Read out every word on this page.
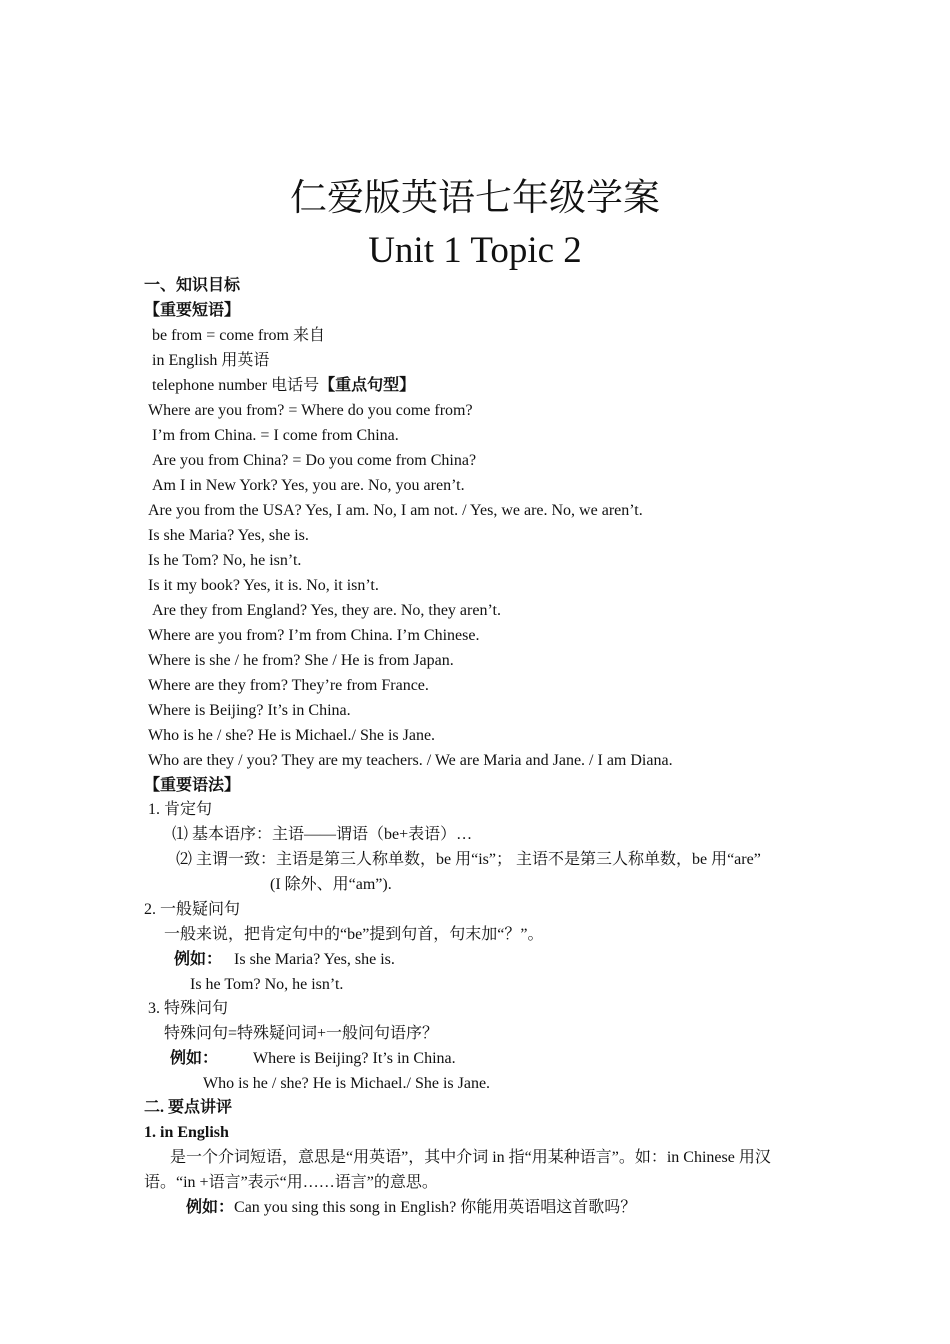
仁爱版英语七年级学案
Unit 1 Topic 2
一、知识目标
【重要短语】
be from = come from 来自
in English 用英语
telephone number 电话号【重点句型】
Where are you from? = Where do you come from?
I’m from China. = I come from China.
Are you from China? = Do you come from China?
Am I in New York? Yes, you are. No, you aren’t.
Are you from the USA? Yes, I am. No, I am not. / Yes, we are. No, we aren’t.
Is she Maria? Yes, she is.
Is he Tom? No, he isn’t.
Is it my book? Yes, it is. No, it isn’t.
Are they from England? Yes, they are. No, they aren’t.
Where are you from? I’m from China. I’m Chinese.
Where is she / he from? She / He is from Japan.
Where are they from? They’re from France.
Where is Beijing? It’s in China.
Who is he / she? He is Michael./ She is Jane.
Who are they / you? They are my teachers. / We are Maria and Jane. / I am Diana.
【重要语法】
1. 肯定句
⑴ 基本语序：主语——谓语（be+表语）…
⑵ 主谓一致：主语是第三人称单数，be 用“is”； 主语不是第三人称单数，be 用“are”
(I 除外、用“am”).
2. 一般疑问句
一般来说，把肯定句中的“be”提到句首，句末加“？”。
例如： Is she Maria? Yes, she is.
Is he Tom? No, he isn’t.
3. 特殊问句
特殊问句=特殊疑问词+一般问句语序？
例如： Where is Beijing? It’s in China.
Who is he / she? He is Michael./ She is Jane.
二. 要点讲评
1. in English
是一个介词短语，意思是“用英语”，其中介词 in 指“用某种语言”。如：in Chinese 用汉
语。“in +语言”表示“用……语言”的意思。
例如：Can you sing this song in English? 你能用英语唱这首歌吗？
